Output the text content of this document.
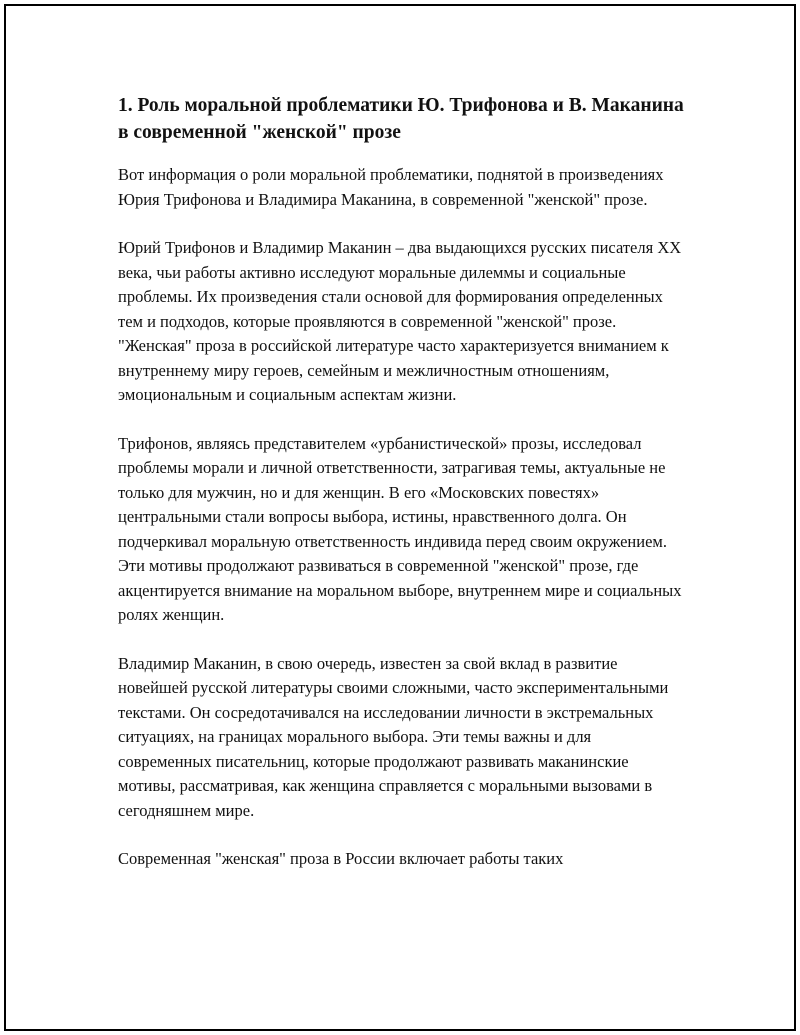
1. Роль моральной проблематики Ю. Трифонова и В. Маканина в современной "женской" прозе

Вот информация о роли моральной проблематики, поднятой в произведениях Юрия Трифонова и Владимира Маканина, в современной "женской" прозе.

Юрий Трифонов и Владимир Маканин – два выдающихся русских писателя XX века, чьи работы активно исследуют моральные дилеммы и социальные проблемы. Их произведения стали основой для формирования определенных тем и подходов, которые проявляются в современной "женской" прозе. "Женская" проза в российской литературе часто характеризуется вниманием к внутреннему миру героев, семейным и межличностным отношениям, эмоциональным и социальным аспектам жизни.

Трифонов, являясь представителем «урбанистической» прозы, исследовал проблемы морали и личной ответственности, затрагивая темы, актуальные не только для мужчин, но и для женщин. В его «Московских повестях» центральными стали вопросы выбора, истины, нравственного долга. Он подчеркивал моральную ответственность индивида перед своим окружением. Эти мотивы продолжают развиваться в современной "женской" прозе, где акцентируется внимание на моральном выборе, внутреннем мире и социальных ролях женщин.

Владимир Маканин, в свою очередь, известен за свой вклад в развитие новейшей русской литературы своими сложными, часто экспериментальными текстами. Он сосредотачивался на исследовании личности в экстремальных ситуациях, на границах морального выбора. Эти темы важны и для современных писательниц, которые продолжают развивать маканинские мотивы, рассматривая, как женщина справляется с моральными вызовами в сегодняшнем мире.

Современная "женская" проза в России включает работы таких
